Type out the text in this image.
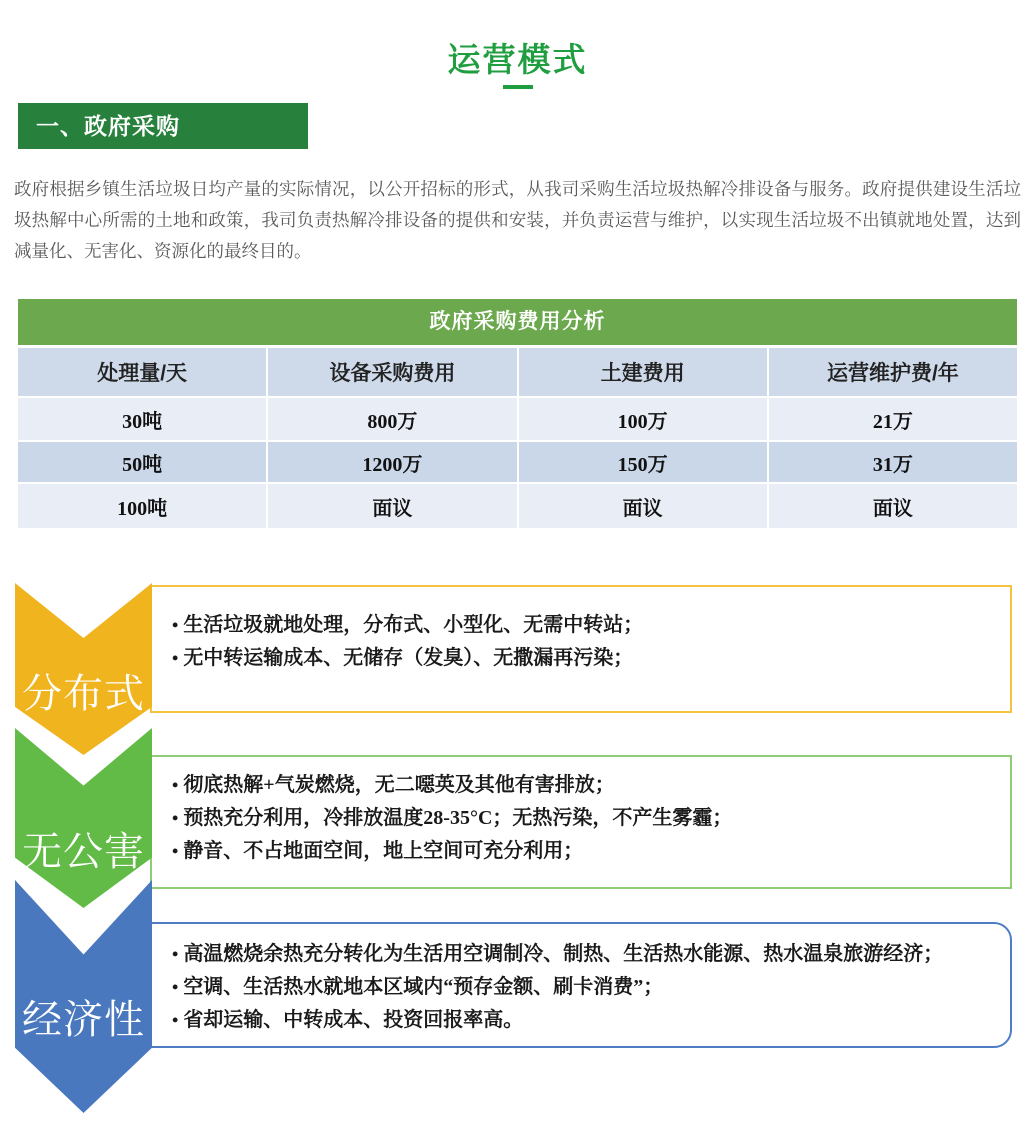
运营模式
一、政府采购
政府根据乡镇生活垃圾日均产量的实际情况，以公开招标的形式，从我司采购生活垃圾热解冷排设备与服务。政府提供建设生活垃圾热解中心所需的土地和政策，我司负责热解冷排设备的提供和安装，并负责运营与维护，以实现生活垃圾不出镇就地处置，达到减量化、无害化、资源化的最终目的。
政府采购费用分析
处理量/天	设备采购费用	土建费用	运营维护费/年
30吨	800万	100万	21万
50吨	1200万	150万	31万
100吨	面议	面议	面议
• 生活垃圾就地处理，分布式、小型化、无需中转站；
• 无中转运输成本、无储存（发臭）、无撒漏再污染；
分布式
• 彻底热解+气炭燃烧，无二噁英及其他有害排放；
• 预热充分利用，冷排放温度28-35°C；无热污染，不产生雾霾；
• 静音、不占地面空间，地上空间可充分利用；
无公害
• 高温燃烧余热充分转化为生活用空调制冷、制热、生活热水能源、热水温泉旅游经济；
• 空调、生活热水就地本区域内“预存金额、刷卡消费”；
• 省却运输、中转成本、投资回报率高。
经济性
